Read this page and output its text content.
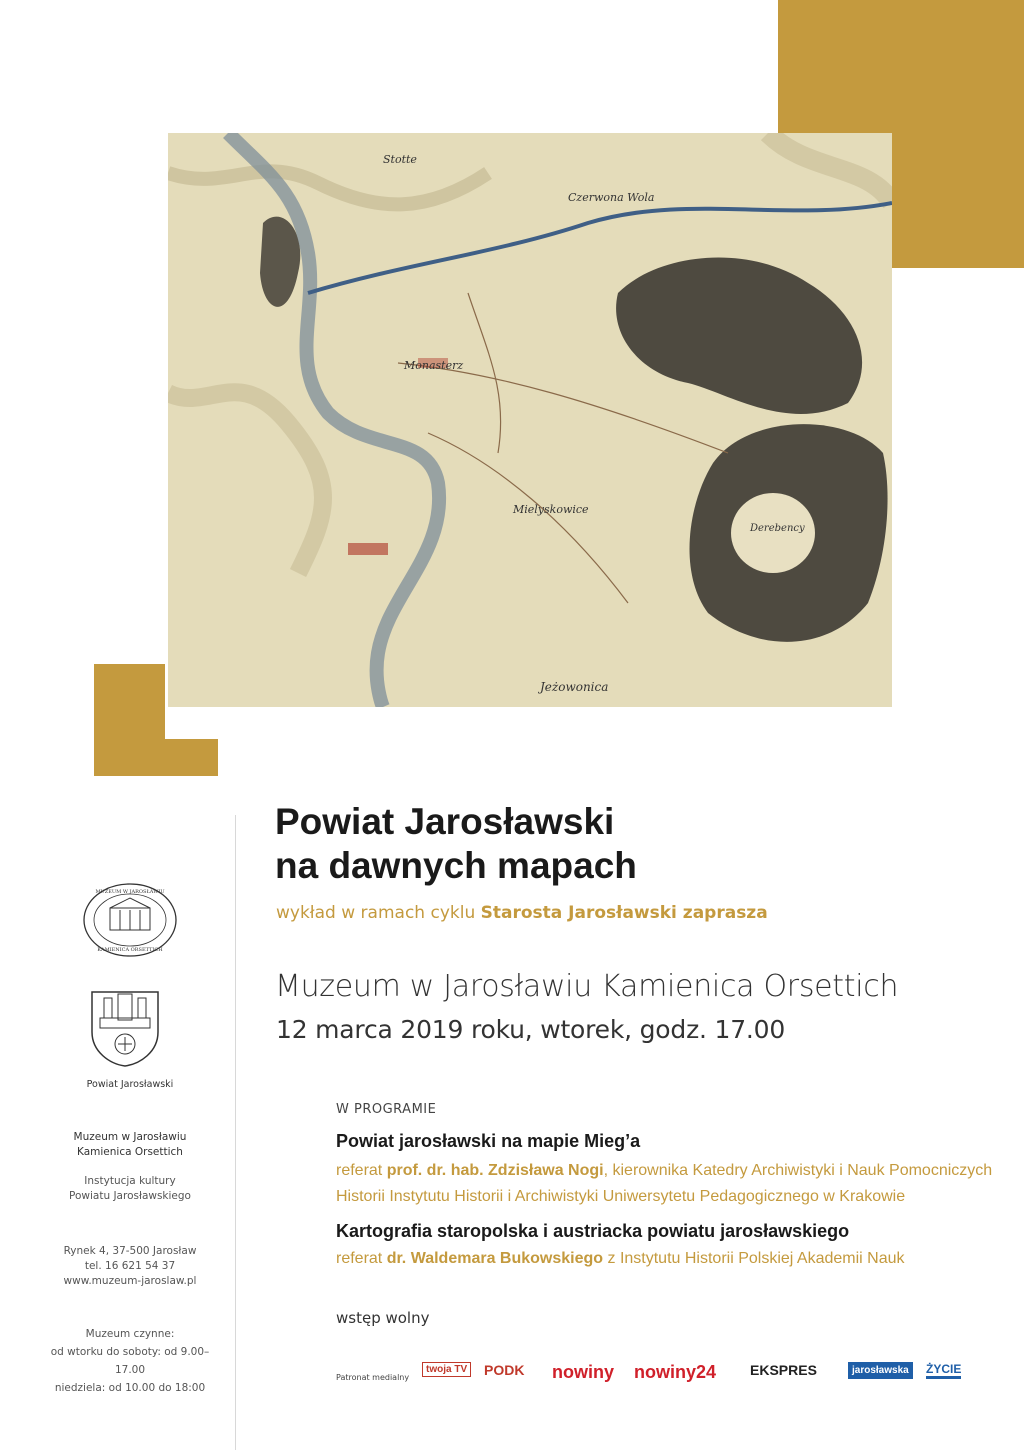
Stotte
Czerwona Wola
Monasterz
Mielyskowice
Derebency
Jeżowonica
Powiat Jarosławski
na dawnych mapach
wykład w ramach cyklu Starosta Jarosławski zaprasza
Muzeum w Jarosławiu Kamienica Orsettich
12 marca 2019 roku, wtorek, godz. 17.00
W PROGRAMIE
Powiat jarosławski na mapie Mieg’a
referat prof. dr. hab. Zdzisława Nogi, kierownika Katedry Archiwistyki i Nauk Pomocniczych Historii Instytutu Historii i Archiwistyki Uniwersytetu Pedagogicznego w Krakowie
Kartografia staropolska i austriacka powiatu jarosławskiego
referat dr. Waldemara Bukowskiego z Instytutu Historii Polskiej Akademii Nauk
wstęp wolny
Patronat medialny
twoja TV PODK nowiny nowiny24 EKSPRES	jarosławska	ŻYCIE
MUZEUM W JAROSŁAWIU
KAMIENICA ORSETTICH
Powiat Jarosławski
Muzeum w Jarosławiu
Kamienica Orsettich
Instytucja kultury
Powiatu Jarosławskiego
Rynek 4, 37-500 Jarosław
tel. 16 621 54 37
www.muzeum-jaroslaw.pl
Muzeum czynne:
od wtorku do soboty: od 9.00–17.00
niedziela: od 10.00 do 18:00
